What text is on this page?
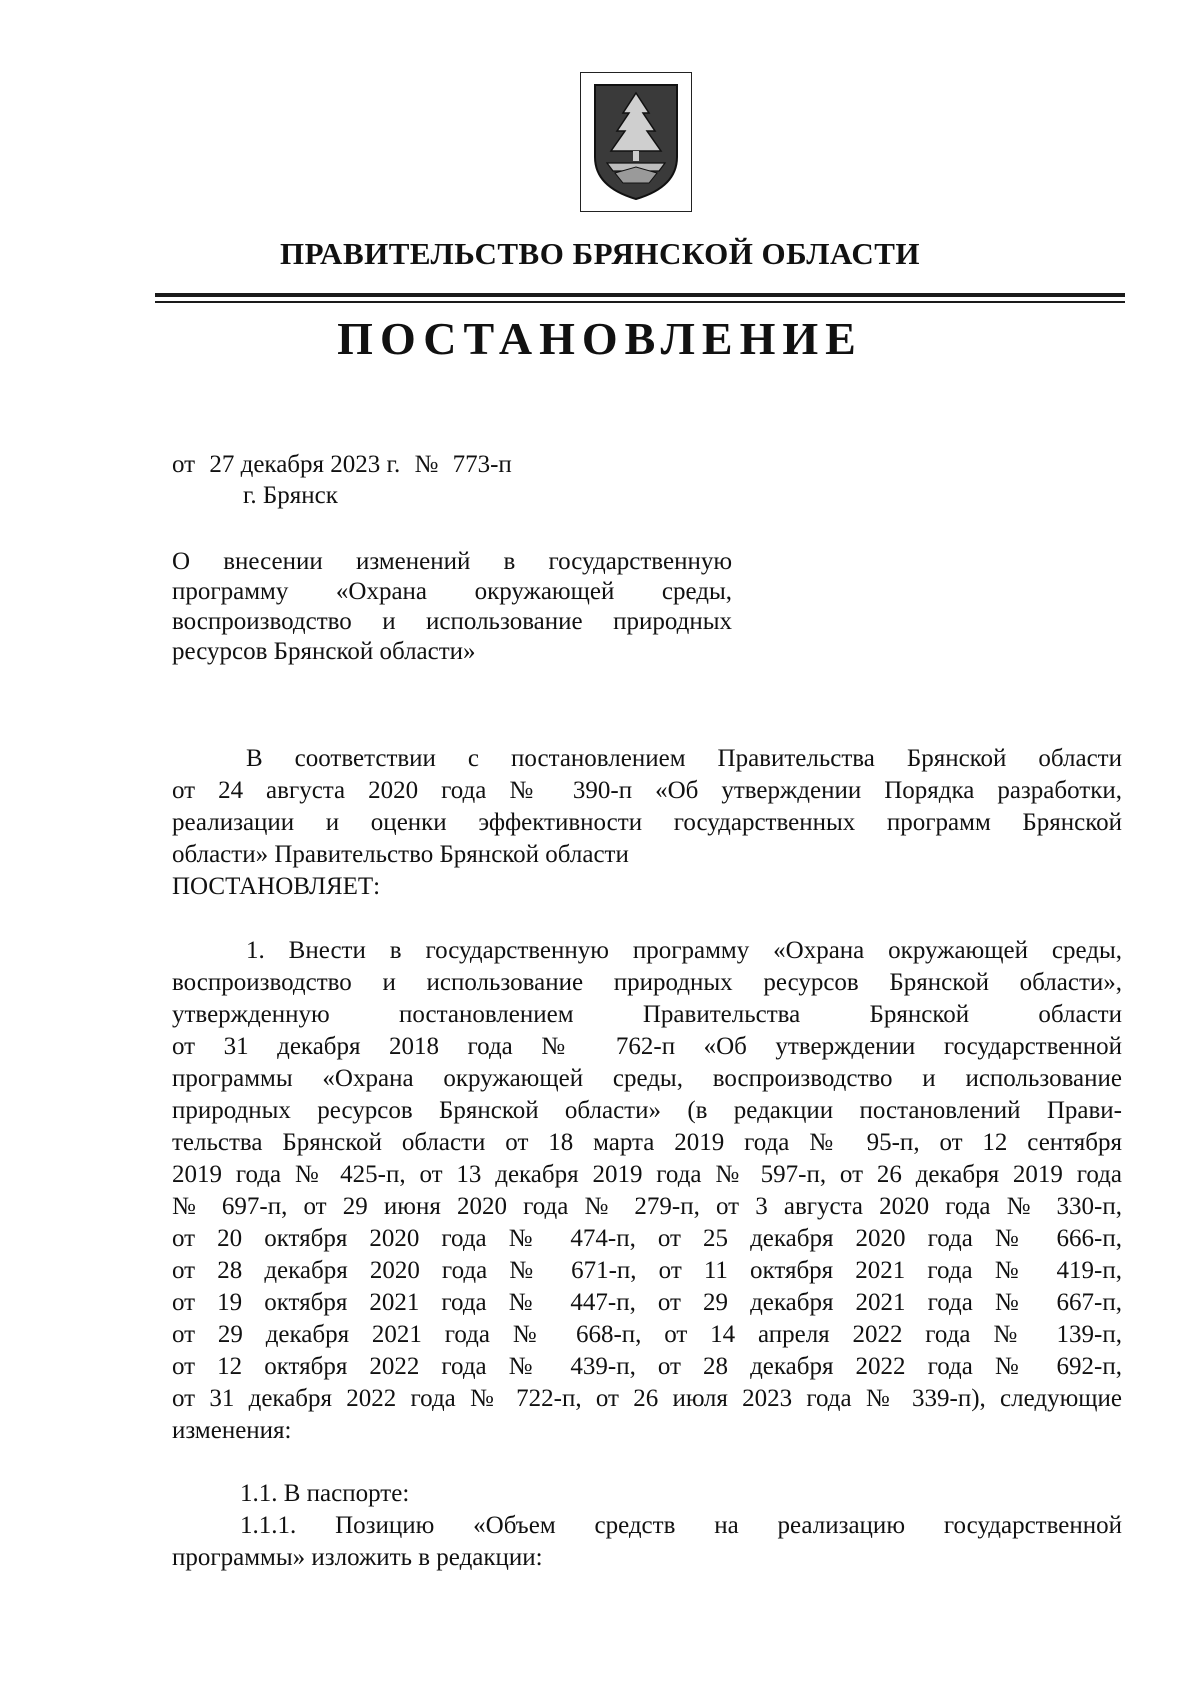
ПРАВИТЕЛЬСТВО БРЯНСКОЙ ОБЛАСТИ
ПОСТАНОВЛЕНИЕ
от 27 декабря 2023 г. № 773-п
г. Брянск
О внесении изменений в государственную
программу «Охрана окружающей среды,
воспроизводство и использование природных
ресурсов Брянской области»
В соответствии с постановлением Правительства Брянской области
от 24 августа 2020 года № 390-п «Об утверждении Порядка разработки,
реализации и оценки эффективности государственных программ Брянской
области» Правительство Брянской области
ПОСТАНОВЛЯЕТ:
1. Внести в государственную программу «Охрана окружающей среды,
воспроизводство и использование природных ресурсов Брянской области»,
утвержденную постановлением Правительства Брянской области
от 31 декабря 2018 года № 762-п «Об утверждении государственной
программы «Охрана окружающей среды, воспроизводство и использование
природных ресурсов Брянской области» (в редакции постановлений Прави-
тельства Брянской области от 18 марта 2019 года № 95-п, от 12 сентября
2019 года № 425-п, от 13 декабря 2019 года № 597-п, от 26 декабря 2019 года
№ 697-п, от 29 июня 2020 года № 279-п, от 3 августа 2020 года № 330-п,
от 20 октября 2020 года № 474-п, от 25 декабря 2020 года № 666-п,
от 28 декабря 2020 года № 671-п, от 11 октября 2021 года № 419-п,
от 19 октября 2021 года № 447-п, от 29 декабря 2021 года № 667-п,
от 29 декабря 2021 года № 668-п, от 14 апреля 2022 года № 139-п,
от 12 октября 2022 года № 439-п, от 28 декабря 2022 года № 692-п,
от 31 декабря 2022 года № 722-п, от 26 июля 2023 года № 339-п), следующие
изменения:
1.1. В паспорте:
1.1.1. Позицию «Объем средств на реализацию государственной
программы» изложить в редакции:
